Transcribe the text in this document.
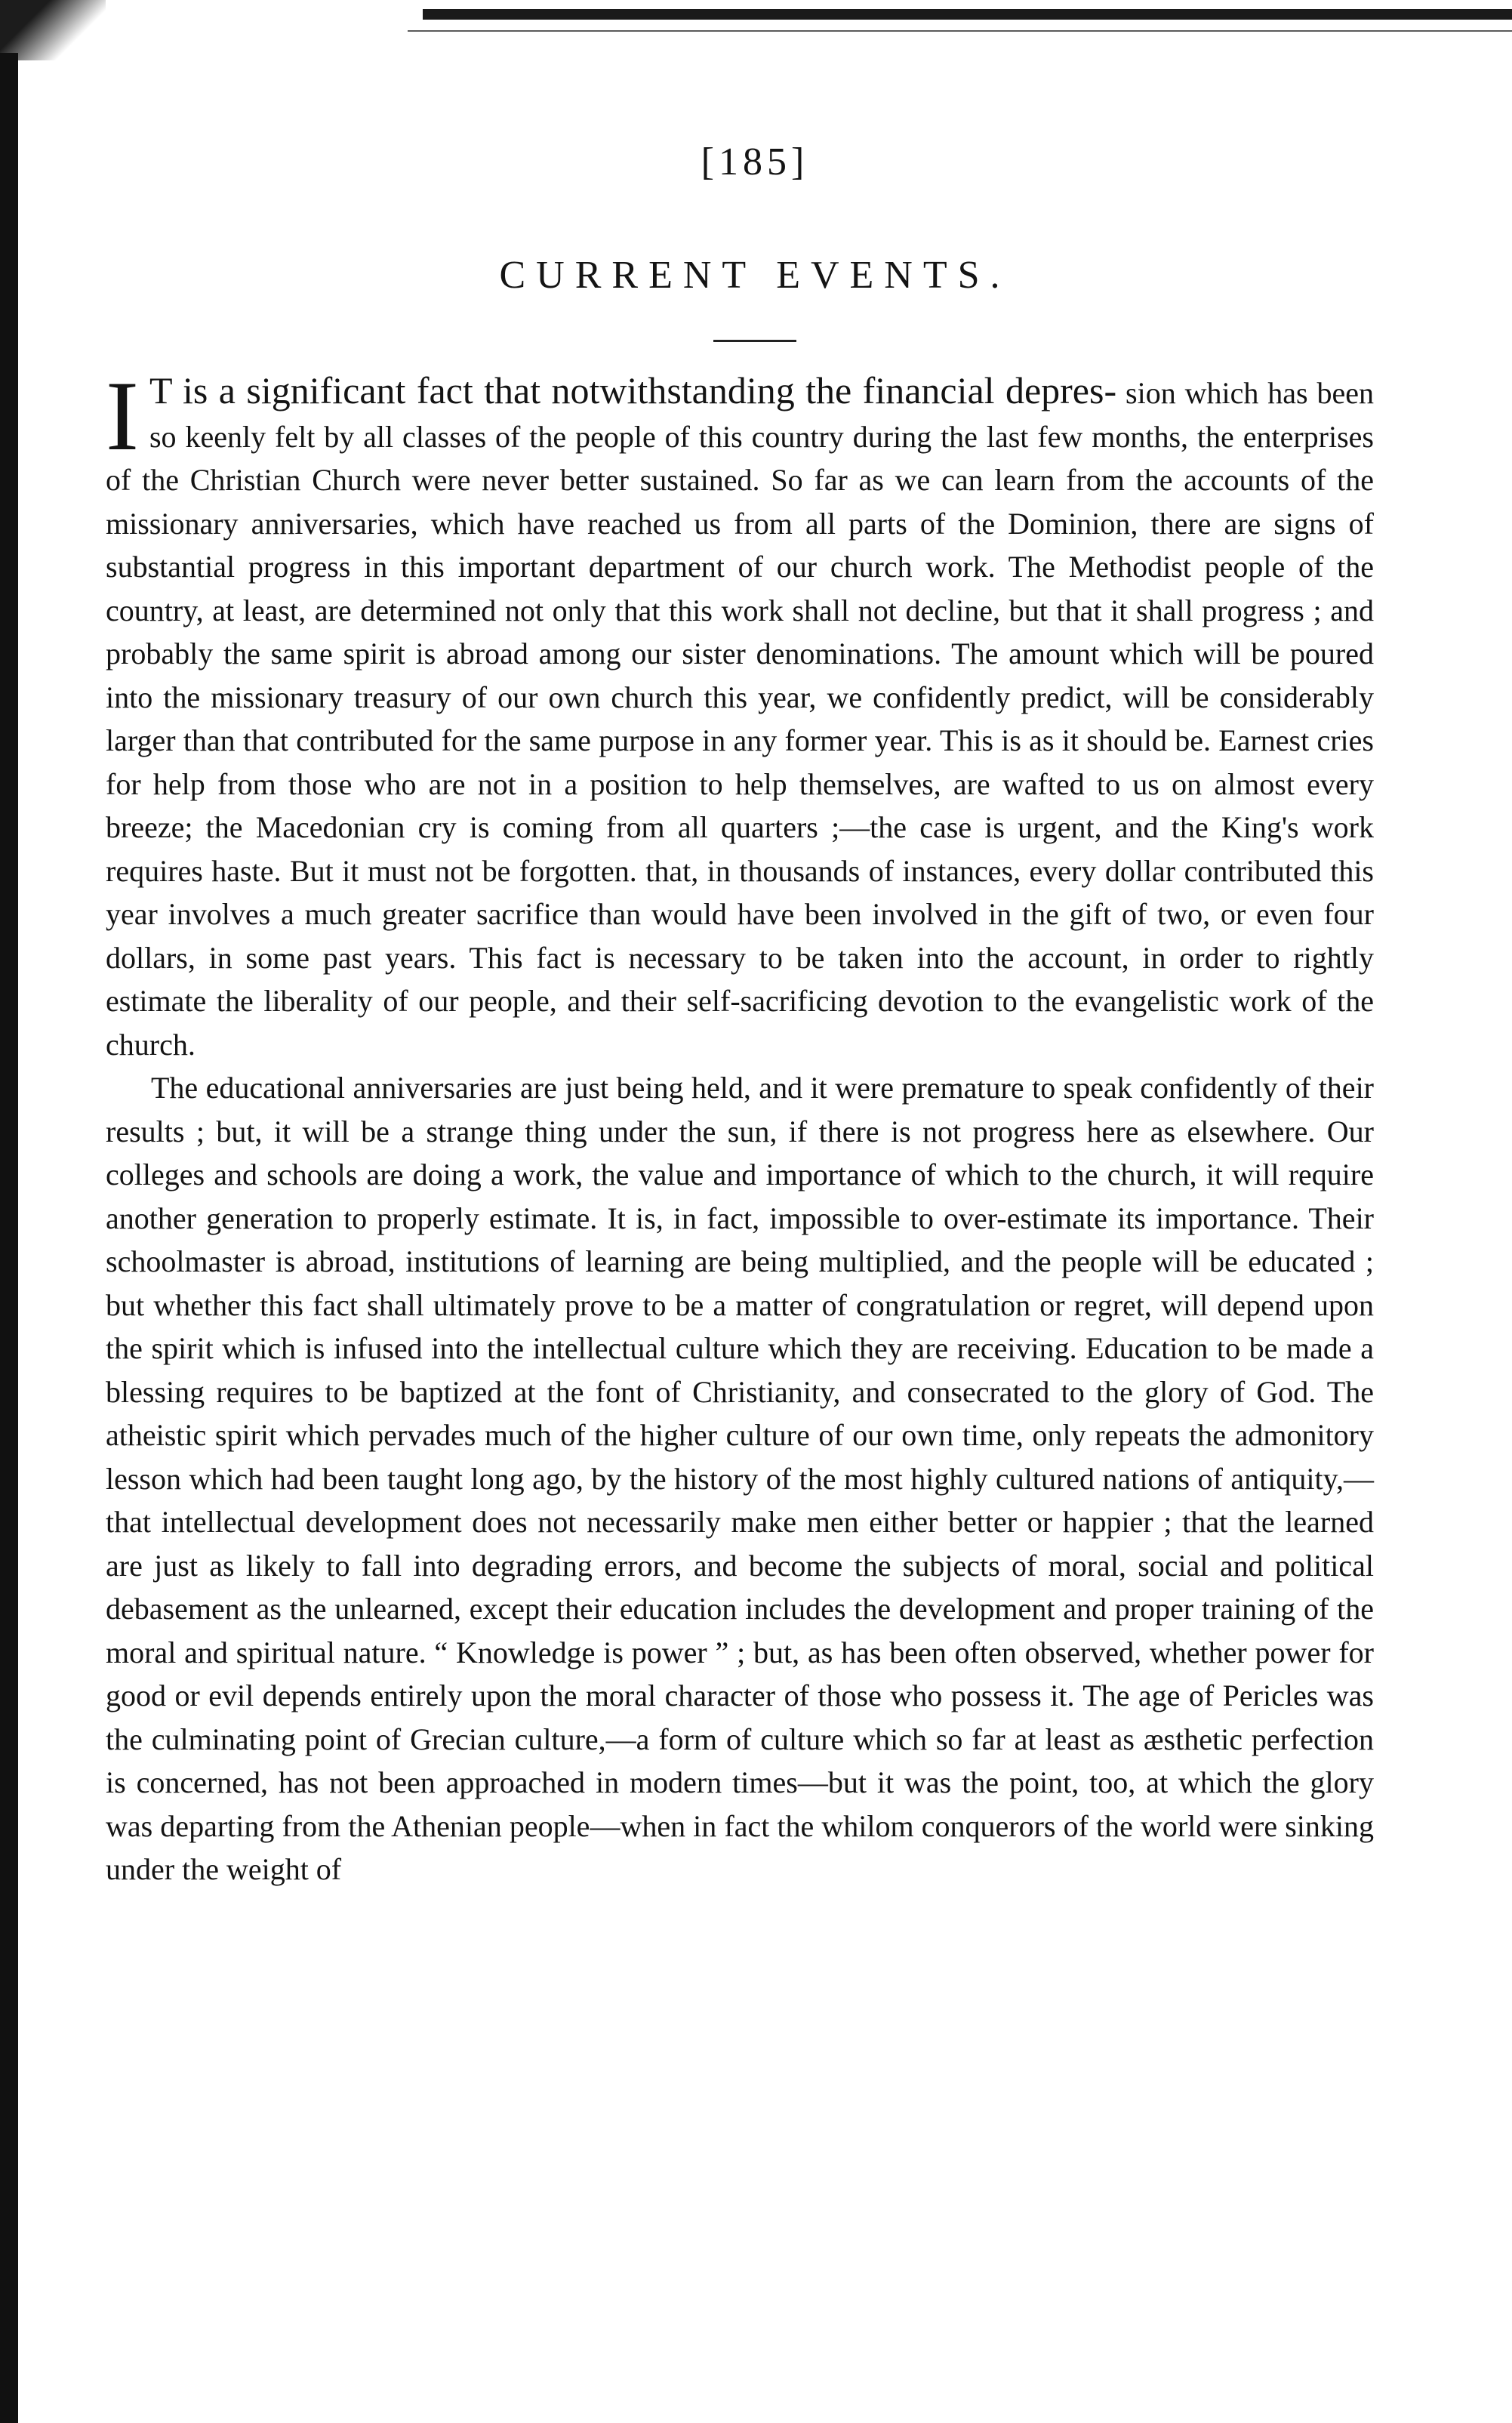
[185]
CURRENT EVENTS.

I T is a significant fact that notwithstanding the financial depres- sion which has been so keenly felt by all classes of the people of this country during the last few months, the enterprises of the Christian Church were never better sustained. So far as we can learn from the accounts of the missionary anniversaries, which have reached us from all parts of the Dominion, there are signs of substantial progress in this important department of our church work. The Methodist people of the country, at least, are determined not only that this work shall not decline, but that it shall progress ; and probably the same spirit is abroad among our sister denominations. The amount which will be poured into the missionary treasury of our own church this year, we confidently predict, will be considerably larger than that contributed for the same purpose in any former year. This is as it should be. Earnest cries for help from those who are not in a position to help themselves, are wafted to us on almost every breeze; the Macedonian cry is coming from all quarters ;—the case is urgent, and the King's work requires haste. But it must not be forgotten. that, in thousands of instances, every dollar contributed this year involves a much greater sacrifice than would have been involved in the gift of two, or even four dollars, in some past years. This fact is necessary to be taken into the account, in order to rightly estimate the liberality of our people, and their self-sacrificing devotion to the evangelistic work of the church.

The educational anniversaries are just being held, and it were premature to speak confidently of their results ; but, it will be a strange thing under the sun, if there is not progress here as elsewhere. Our colleges and schools are doing a work, the value and importance of which to the church, it will require another generation to properly estimate. It is, in fact, impossible to over-estimate its importance. Their schoolmaster is abroad, institutions of learning are being multiplied, and the people will be educated ; but whether this fact shall ultimately prove to be a matter of congratulation or regret, will depend upon the spirit which is infused into the intellectual culture which they are receiving. Education to be made a blessing requires to be baptized at the font of Christianity, and consecrated to the glory of God. The atheistic spirit which pervades much of the higher culture of our own time, only repeats the admonitory lesson which had been taught long ago, by the history of the most highly cultured nations of antiquity,—that intellectual development does not necessarily make men either better or happier ; that the learned are just as likely to fall into degrading errors, and become the subjects of moral, social and political debasement as the unlearned, except their education includes the development and proper training of the moral and spiritual nature. “ Knowledge is power ” ; but, as has been often observed, whether power for good or evil depends entirely upon the moral character of those who possess it. The age of Pericles was the culminating point of Grecian culture,—a form of culture which so far at least as æsthetic perfection is concerned, has not been approached in modern times—but it was the point, too, at which the glory was departing from the Athenian people—when in fact the whilom conquerors of the world were sinking under the weight of
